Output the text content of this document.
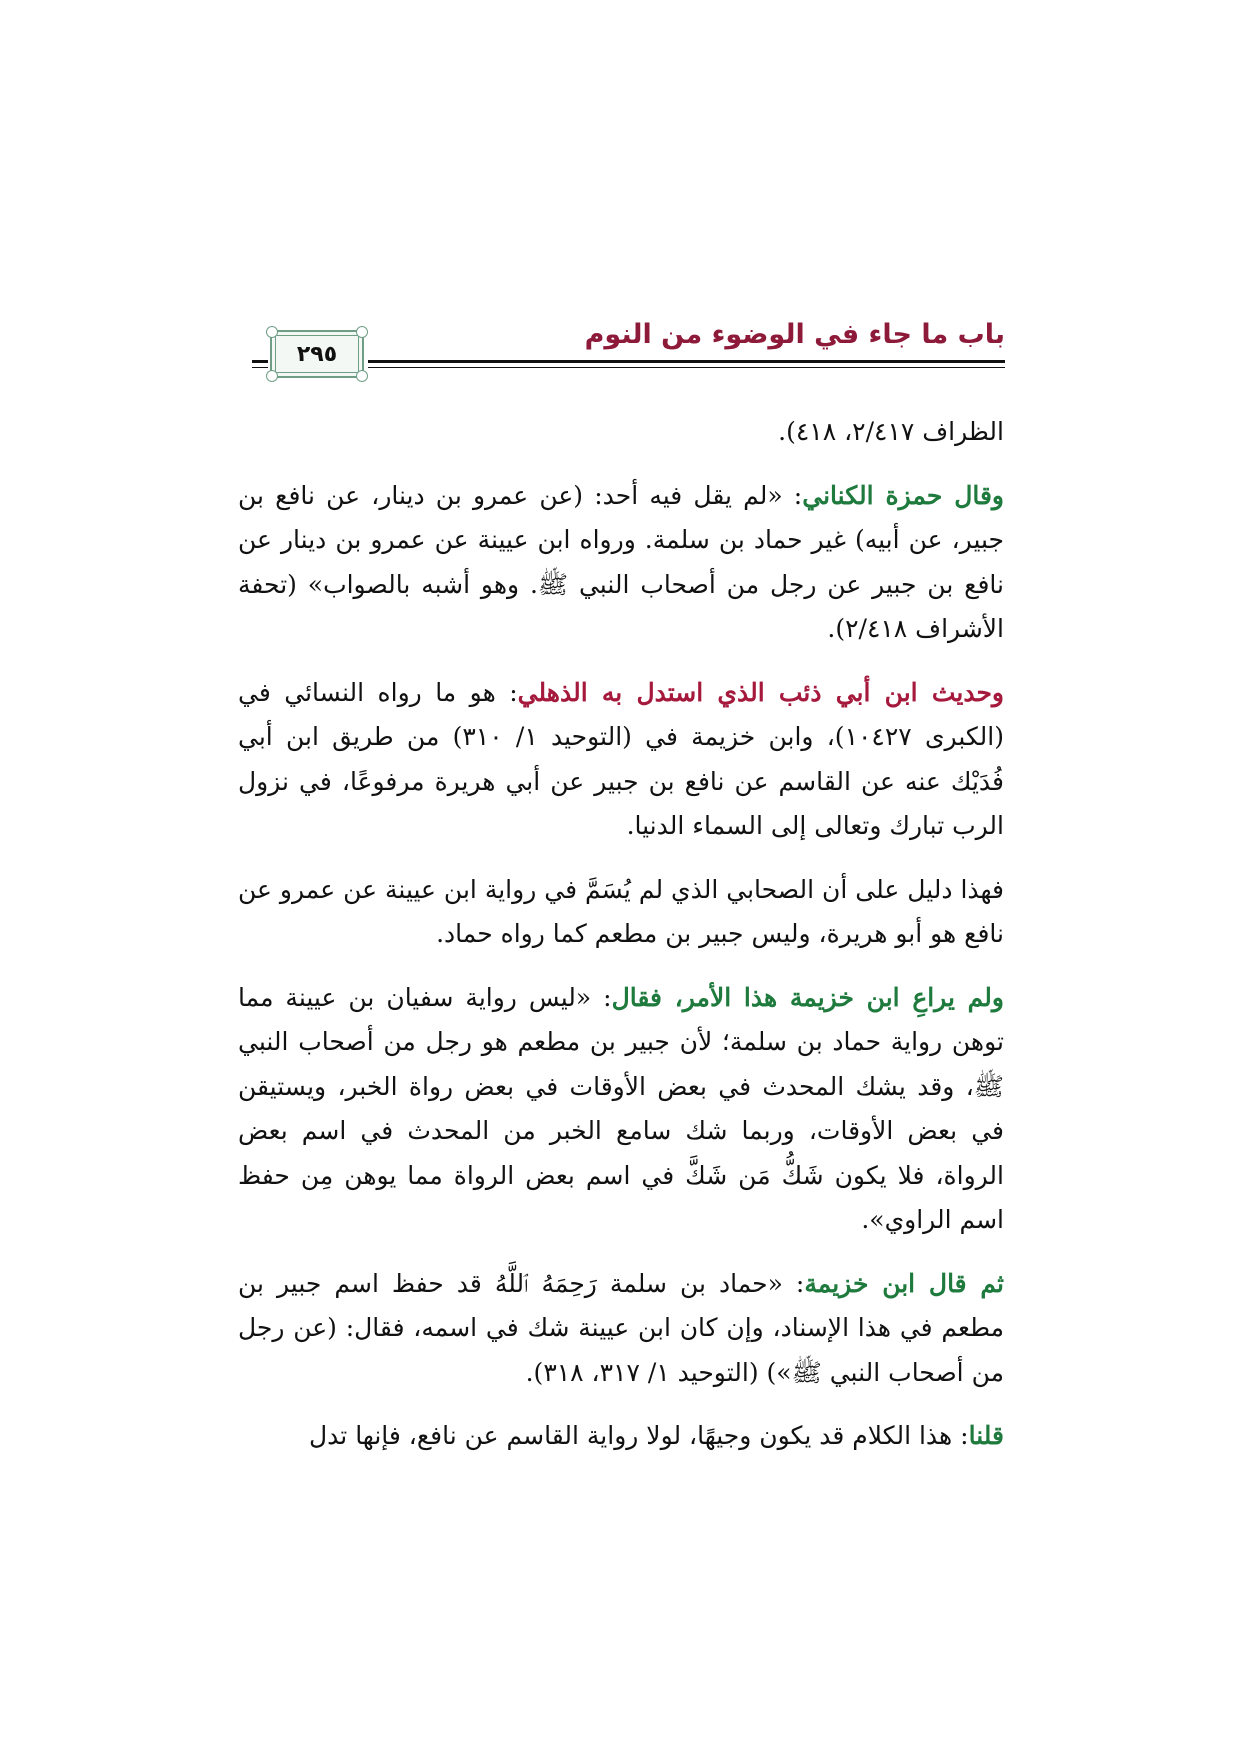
باب ما جاء في الوضوء من النوم
٢٩٥

الظراف ٢/٤١٧، ٤١٨).

وقال حمزة الكناني: «لم يقل فيه أحد: (عن عمرو بن دينار، عن نافع بن جبير، عن أبيه) غير حماد بن سلمة. ورواه ابن عيينة عن عمرو بن دينار عن نافع بن جبير عن رجل من أصحاب النبي ﷺ. وهو أشبه بالصواب» (تحفة الأشراف ٢/٤١٨).

وحديث ابن أبي ذئب الذي استدل به الذهلي: هو ما رواه النسائي في (الكبرى ١٠٤٢٧)، وابن خزيمة في (التوحيد ١/ ٣١٠) من طريق ابن أبي فُدَيْك عنه عن القاسم عن نافع بن جبير عن أبي هريرة مرفوعًا، في نزول الرب تبارك وتعالى إلى السماء الدنيا.

فهذا دليل على أن الصحابي الذي لم يُسَمَّ في رواية ابن عيينة عن عمرو عن نافع هو أبو هريرة، وليس جبير بن مطعم كما رواه حماد.

ولم يراعِ ابن خزيمة هذا الأمر، فقال: «ليس رواية سفيان بن عيينة مما توهن رواية حماد بن سلمة؛ لأن جبير بن مطعم هو رجل من أصحاب النبي ﷺ، وقد يشك المحدث في بعض الأوقات في بعض رواة الخبر، ويستيقن في بعض الأوقات، وربما شك سامع الخبر من المحدث في اسم بعض الرواة، فلا يكون شَكُّ مَن شَكَّ في اسم بعض الرواة مما يوهن مِن حفظ اسم الراوي».

ثم قال ابن خزيمة: «حماد بن سلمة رَحِمَهُ ٱللَّهُ قد حفظ اسم جبير بن مطعم في هذا الإسناد، وإن كان ابن عيينة شك في اسمه، فقال: (عن رجل من أصحاب النبي ﷺ») (التوحيد ١/ ٣١٧، ٣١٨).

قلنا: هذا الكلام قد يكون وجيهًا، لولا رواية القاسم عن نافع، فإنها تدل
